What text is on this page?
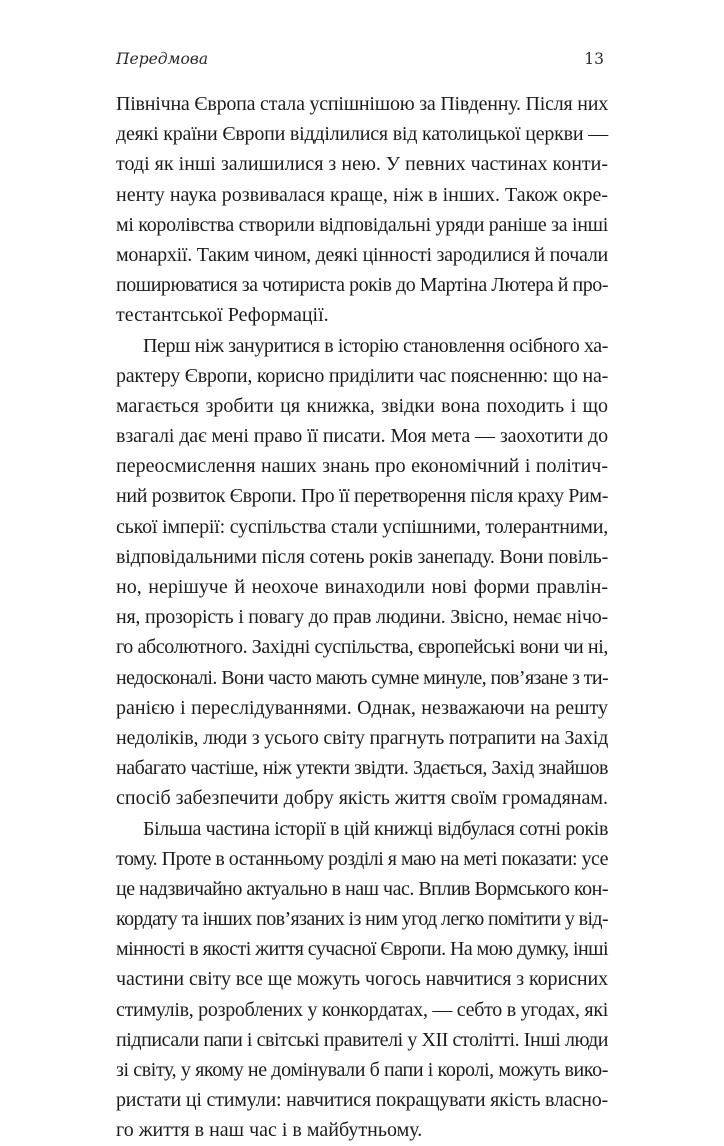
Передмова	13
Північна Європа стала успішнішою за Південну. Після них
деякі країни Європи відділилися від католицької церкви —
тоді як інші залишилися з нею. У певних частинах конти-
ненту наука розвивалася краще, ніж в інших. Також окре-
мі королівства створили відповідальні уряди раніше за інші
монархії. Таким чином, деякі цінності зародилися й почали
поширюватися за чотириста років до Мартіна Лютера й про-
тестантської Реформації.
Перш ніж зануритися в історію становлення осібного ха-
рактеру Європи, корисно приділити час поясненню: що на-
магається зробити ця книжка, звідки вона походить і що
взагалі дає мені право її писати. Моя мета — заохотити до
переосмислення наших знань про економічний і політич-
ний розвиток Європи. Про її перетворення після краху Рим-
ської імперії: суспільства стали успішними, толерантними,
відповідальними після сотень років занепаду. Вони повіль-
но, нерішуче й неохоче винаходили нові форми правлін-
ня, прозорість і повагу до прав людини. Звісно, немає нічо-
го абсолютного. Західні суспільства, європейські вони чи ні,
недосконалі. Вони часто мають сумне минуле, пов’язане з ти-
ранією і переслідуваннями. Однак, незважаючи на решту
недоліків, люди з усього світу прагнуть потрапити на Захід
набагато частіше, ніж утекти звідти. Здається, Захід знайшов
спосіб забезпечити добру якість життя своїм громадянам.
Більша частина історії в цій книжці відбулася сотні років
тому. Проте в останньому розділі я маю на меті показати: усе
це надзвичайно актуально в наш час. Вплив Вормського кон-
кордату та інших пов’язаних із ним угод легко помітити у від-
мінності в якості життя сучасної Європи. На мою думку, інші
частини світу все ще можуть чогось навчитися з корисних
стимулів, розроблених у конкордатах, — себто в угодах, які
підписали папи і світські правителі у XII столітті. Інші люди
зі світу, у якому не домінували б папи і королі, можуть вико-
ристати ці стимули: навчитися покращувати якість власно-
го життя в наш час і в майбутньому.
